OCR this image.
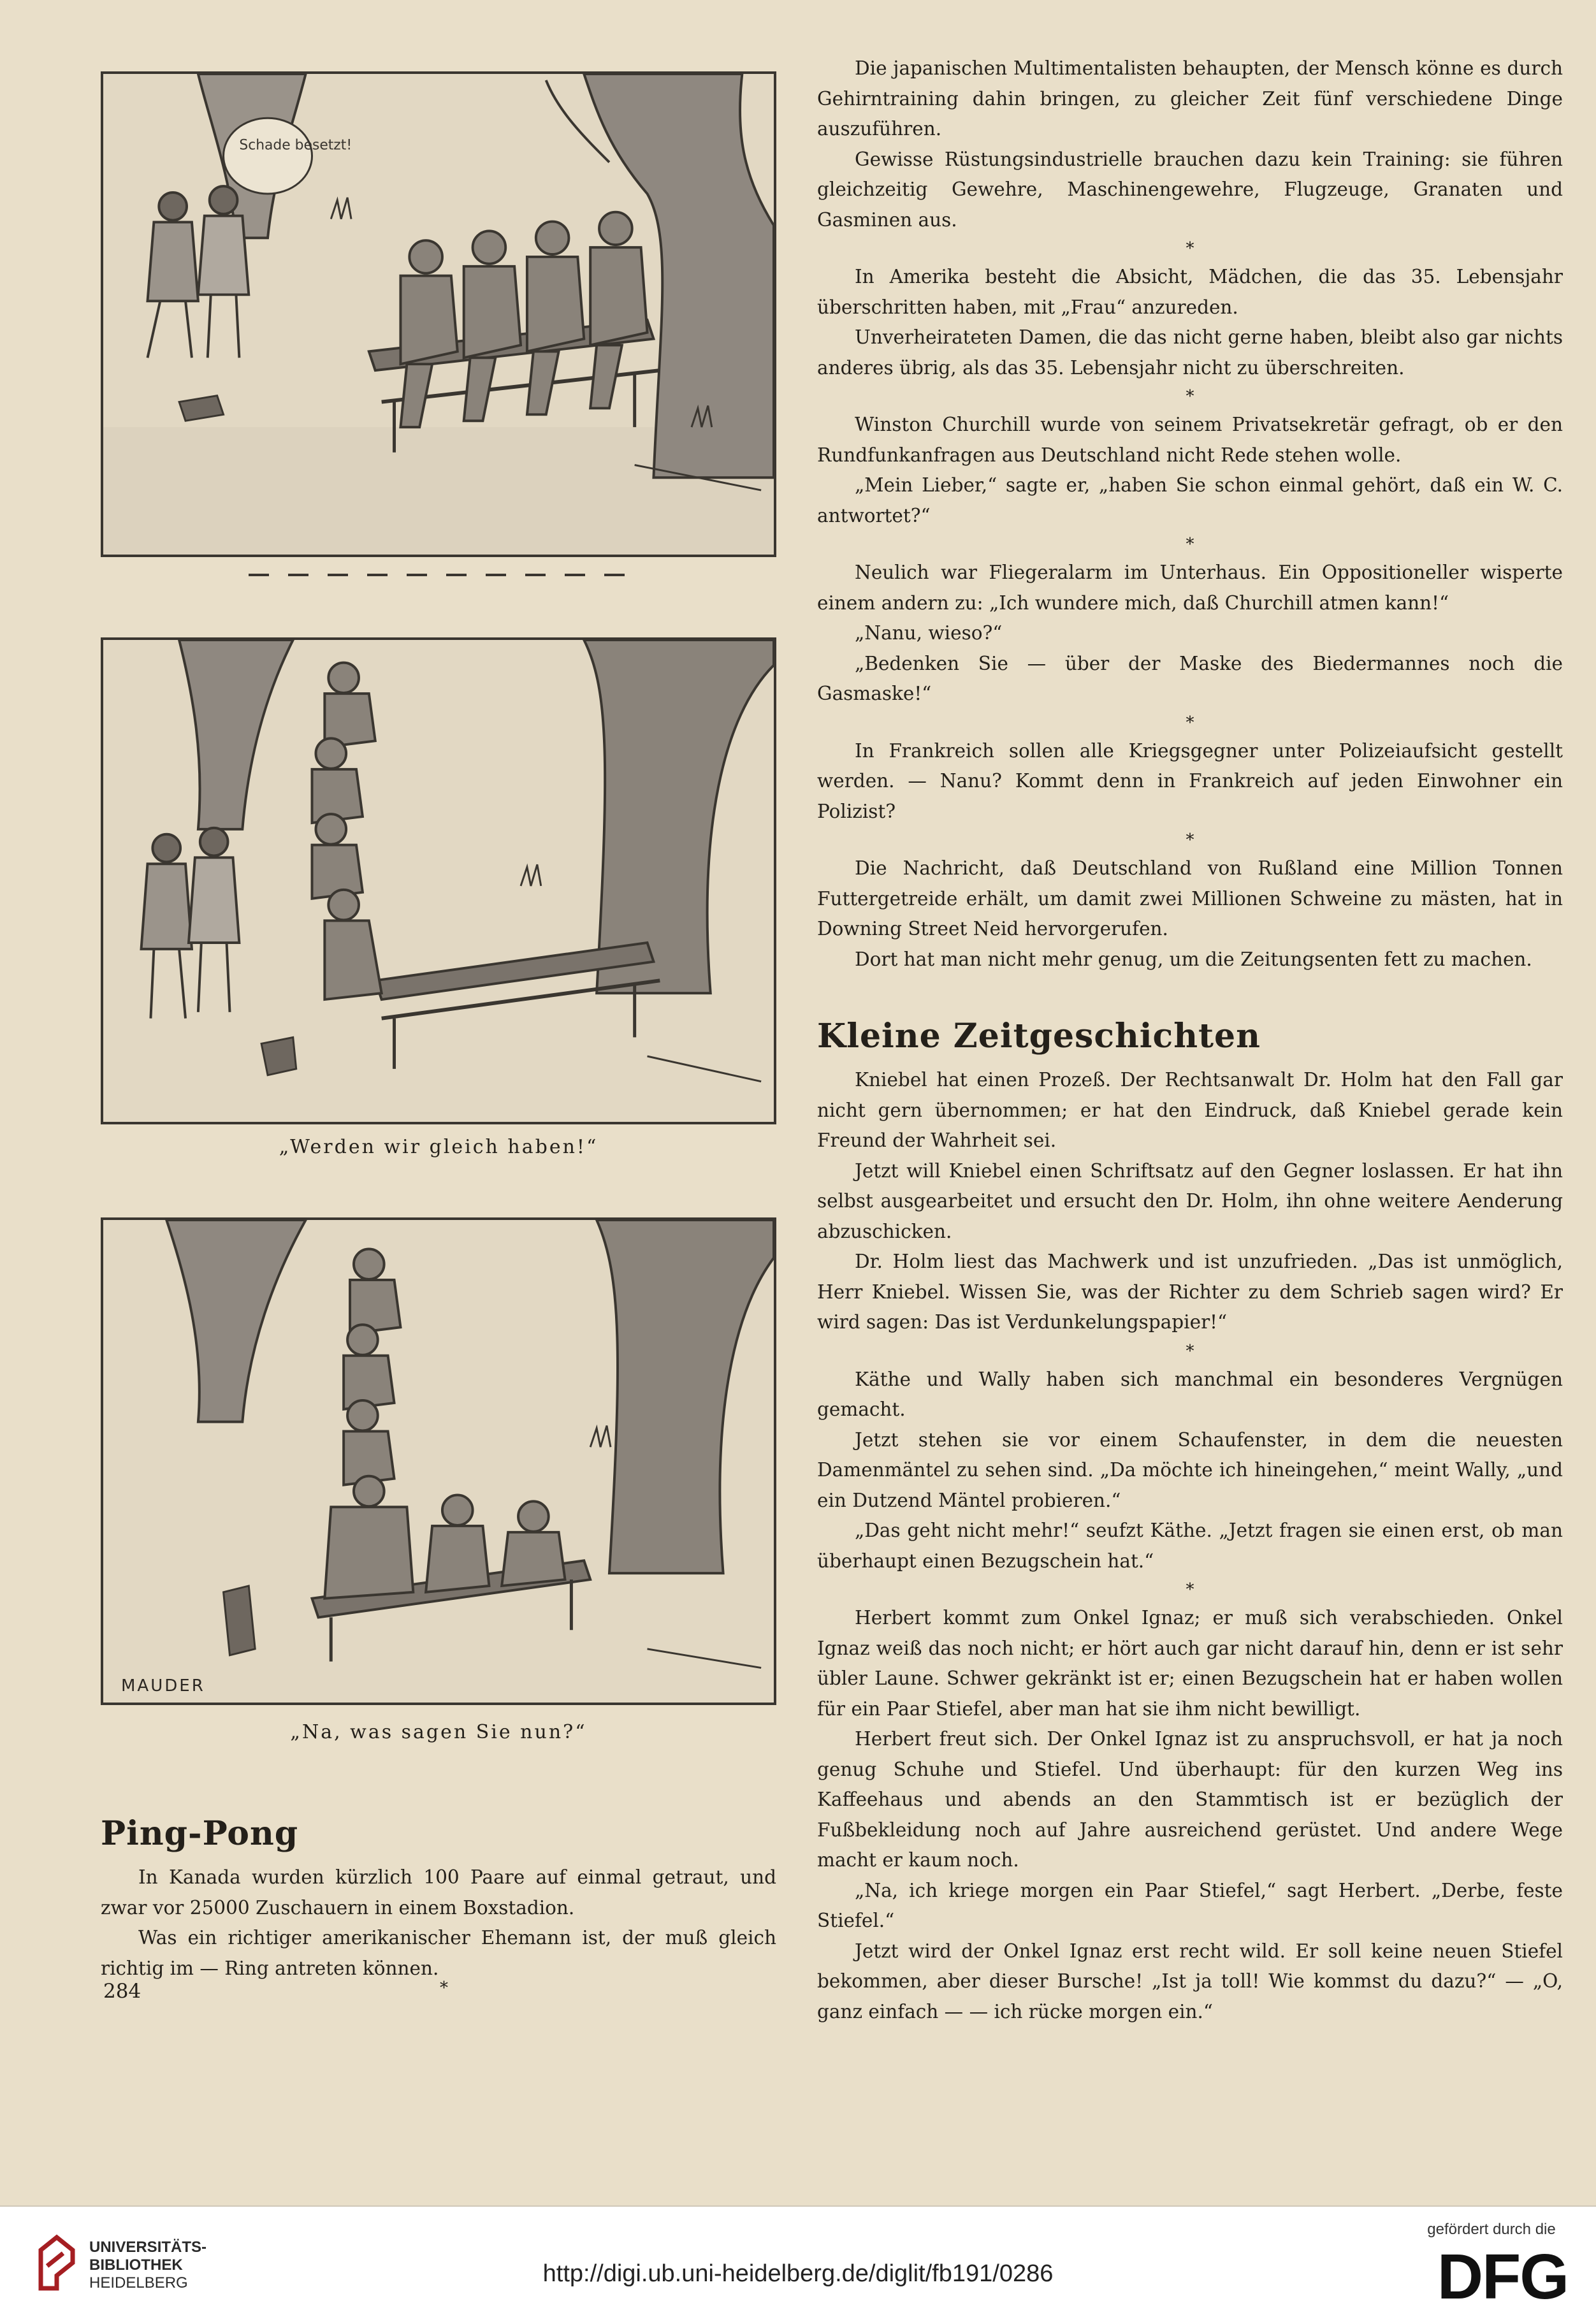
Schade besetzt!
„Werden wir gleich haben!“
MAUDER
„Na, was sagen Sie nun?“

Die japanischen Multimentalisten behaupten, der Mensch könne es durch Gehirntraining dahin bringen, zu gleicher Zeit fünf verschiedene Dinge auszuführen.

Gewisse Rüstungsindustrielle brauchen dazu kein Training: sie führen gleichzeitig Gewehre, Maschinengewehre, Flugzeuge, Granaten und Gasminen aus.

*

In Amerika besteht die Absicht, Mädchen, die das 35. Lebensjahr überschritten haben, mit „Frau“ anzureden.

Unverheirateten Damen, die das nicht gerne haben, bleibt also gar nichts anderes übrig, als das 35. Lebensjahr nicht zu überschreiten.

*

Winston Churchill wurde von seinem Privatsekretär gefragt, ob er den Rundfunkanfragen aus Deutschland nicht Rede stehen wolle.

„Mein Lieber,“ sagte er, „haben Sie schon einmal gehört, daß ein W. C. antwortet?“

*

Neulich war Fliegeralarm im Unterhaus. Ein Oppositioneller wisperte einem andern zu: „Ich wundere mich, daß Churchill atmen kann!“

„Nanu, wieso?“

„Bedenken Sie — über der Maske des Biedermannes noch die Gasmaske!“

*

In Frankreich sollen alle Kriegsgegner unter Polizeiaufsicht gestellt werden. — Nanu? Kommt denn in Frankreich auf jeden Einwohner ein Polizist?

*

Die Nachricht, daß Deutschland von Rußland eine Million Tonnen Futtergetreide erhält, um damit zwei Millionen Schweine zu mästen, hat in Downing Street Neid hervorgerufen.

Dort hat man nicht mehr genug, um die Zeitungsenten fett zu machen.

Kleine Zeitgeschichten

Kniebel hat einen Prozeß. Der Rechtsanwalt Dr. Holm hat den Fall gar nicht gern übernommen; er hat den Eindruck, daß Kniebel gerade kein Freund der Wahrheit sei.

Jetzt will Kniebel einen Schriftsatz auf den Gegner loslassen. Er hat ihn selbst ausgearbeitet und ersucht den Dr. Holm, ihn ohne weitere Aenderung abzuschicken.

Dr. Holm liest das Machwerk und ist unzufrieden. „Das ist unmöglich, Herr Kniebel. Wissen Sie, was der Richter zu dem Schrieb sagen wird? Er wird sagen: Das ist Verdunkelungspapier!“

*

Käthe und Wally haben sich manchmal ein besonderes Vergnügen gemacht.

Jetzt stehen sie vor einem Schaufenster, in dem die neuesten Damenmäntel zu sehen sind. „Da möchte ich hineingehen,“ meint Wally, „und ein Dutzend Mäntel probieren.“

„Das geht nicht mehr!“ seufzt Käthe. „Jetzt fragen sie einen erst, ob man überhaupt einen Bezugschein hat.“

*

Herbert kommt zum Onkel Ignaz; er muß sich verabschieden. Onkel Ignaz weiß das noch nicht; er hört auch gar nicht darauf hin, denn er ist sehr übler Laune. Schwer gekränkt ist er; einen Bezugschein hat er haben wollen für ein Paar Stiefel, aber man hat sie ihm nicht bewilligt.

Herbert freut sich. Der Onkel Ignaz ist zu anspruchsvoll, er hat ja noch genug Schuhe und Stiefel. Und überhaupt: für den kurzen Weg ins Kaffeehaus und abends an den Stammtisch ist er bezüglich der Fußbekleidung noch auf Jahre ausreichend gerüstet. Und andere Wege macht er kaum noch.

„Na, ich kriege morgen ein Paar Stiefel,“ sagt Herbert. „Derbe, feste Stiefel.“

Jetzt wird der Onkel Ignaz erst recht wild. Er soll keine neuen Stiefel bekommen, aber dieser Bursche! „Ist ja toll! Wie kommst du dazu?“ — „O, ganz einfach — — ich rücke morgen ein.“

Ping-Pong

In Kanada wurden kürzlich 100 Paare auf einmal getraut, und zwar vor 25000 Zuschauern in einem Boxstadion.

Was ein richtiger amerikanischer Ehemann ist, der muß gleich richtig im — Ring antreten können.

284	*
UNIVERSITÄTS-
BIBLIOTHEK
HEIDELBERG	http://digi.ub.uni-heidelberg.de/diglit/fb191/0286
gefördert durch die
DFG
